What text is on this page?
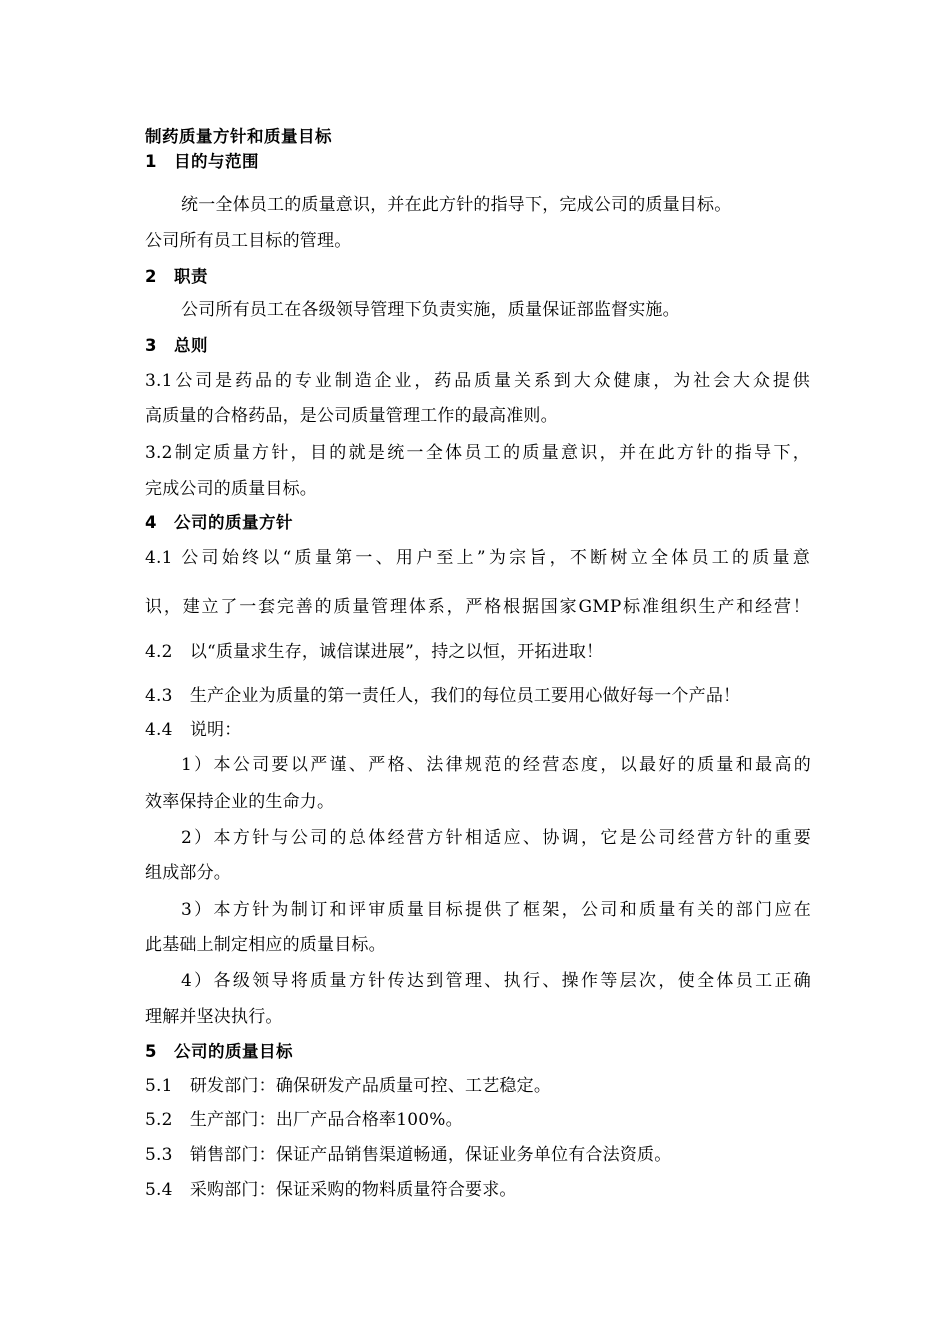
制药质量方针和质量目标
1　目的与范围
统一全体员工的质量意识，并在此方针的指导下，完成公司的质量目标。
公司所有员工目标的管理。
2　职责
公司所有员工在各级领导管理下负责实施，质量保证部监督实施。
3　总则
3.1公司是药品的专业制造企业，药品质量关系到大众健康，为社会大众提供
高质量的合格药品，是公司质量管理工作的最高准则。
3.2制定质量方针，目的就是统一全体员工的质量意识，并在此方针的指导下，
完成公司的质量目标。
4　公司的质量方针
4.1 公司始终以“质量第一、用户至上”为宗旨，不断树立全体员工的质量意
识，建立了一套完善的质量管理体系，严格根据国家GMP标准组织生产和经营！
4.2　以“质量求生存，诚信谋进展”，持之以恒，开拓进取！
4.3　生产企业为质量的第一责任人，我们的每位员工要用心做好每一个产品！
4.4　说明：
1）本公司要以严谨、严格、法律规范的经营态度，以最好的质量和最高的
效率保持企业的生命力。
2）本方针与公司的总体经营方针相适应、协调，它是公司经营方针的重要
组成部分。
3）本方针为制订和评审质量目标提供了框架，公司和质量有关的部门应在
此基础上制定相应的质量目标。
4）各级领导将质量方针传达到管理、执行、操作等层次，使全体员工正确
理解并坚决执行。
5　公司的质量目标
5.1　研发部门：确保研发产品质量可控、工艺稳定。
5.2　生产部门：出厂产品合格率100%。
5.3　销售部门：保证产品销售渠道畅通，保证业务单位有合法资质。
5.4　采购部门：保证采购的物料质量符合要求。
